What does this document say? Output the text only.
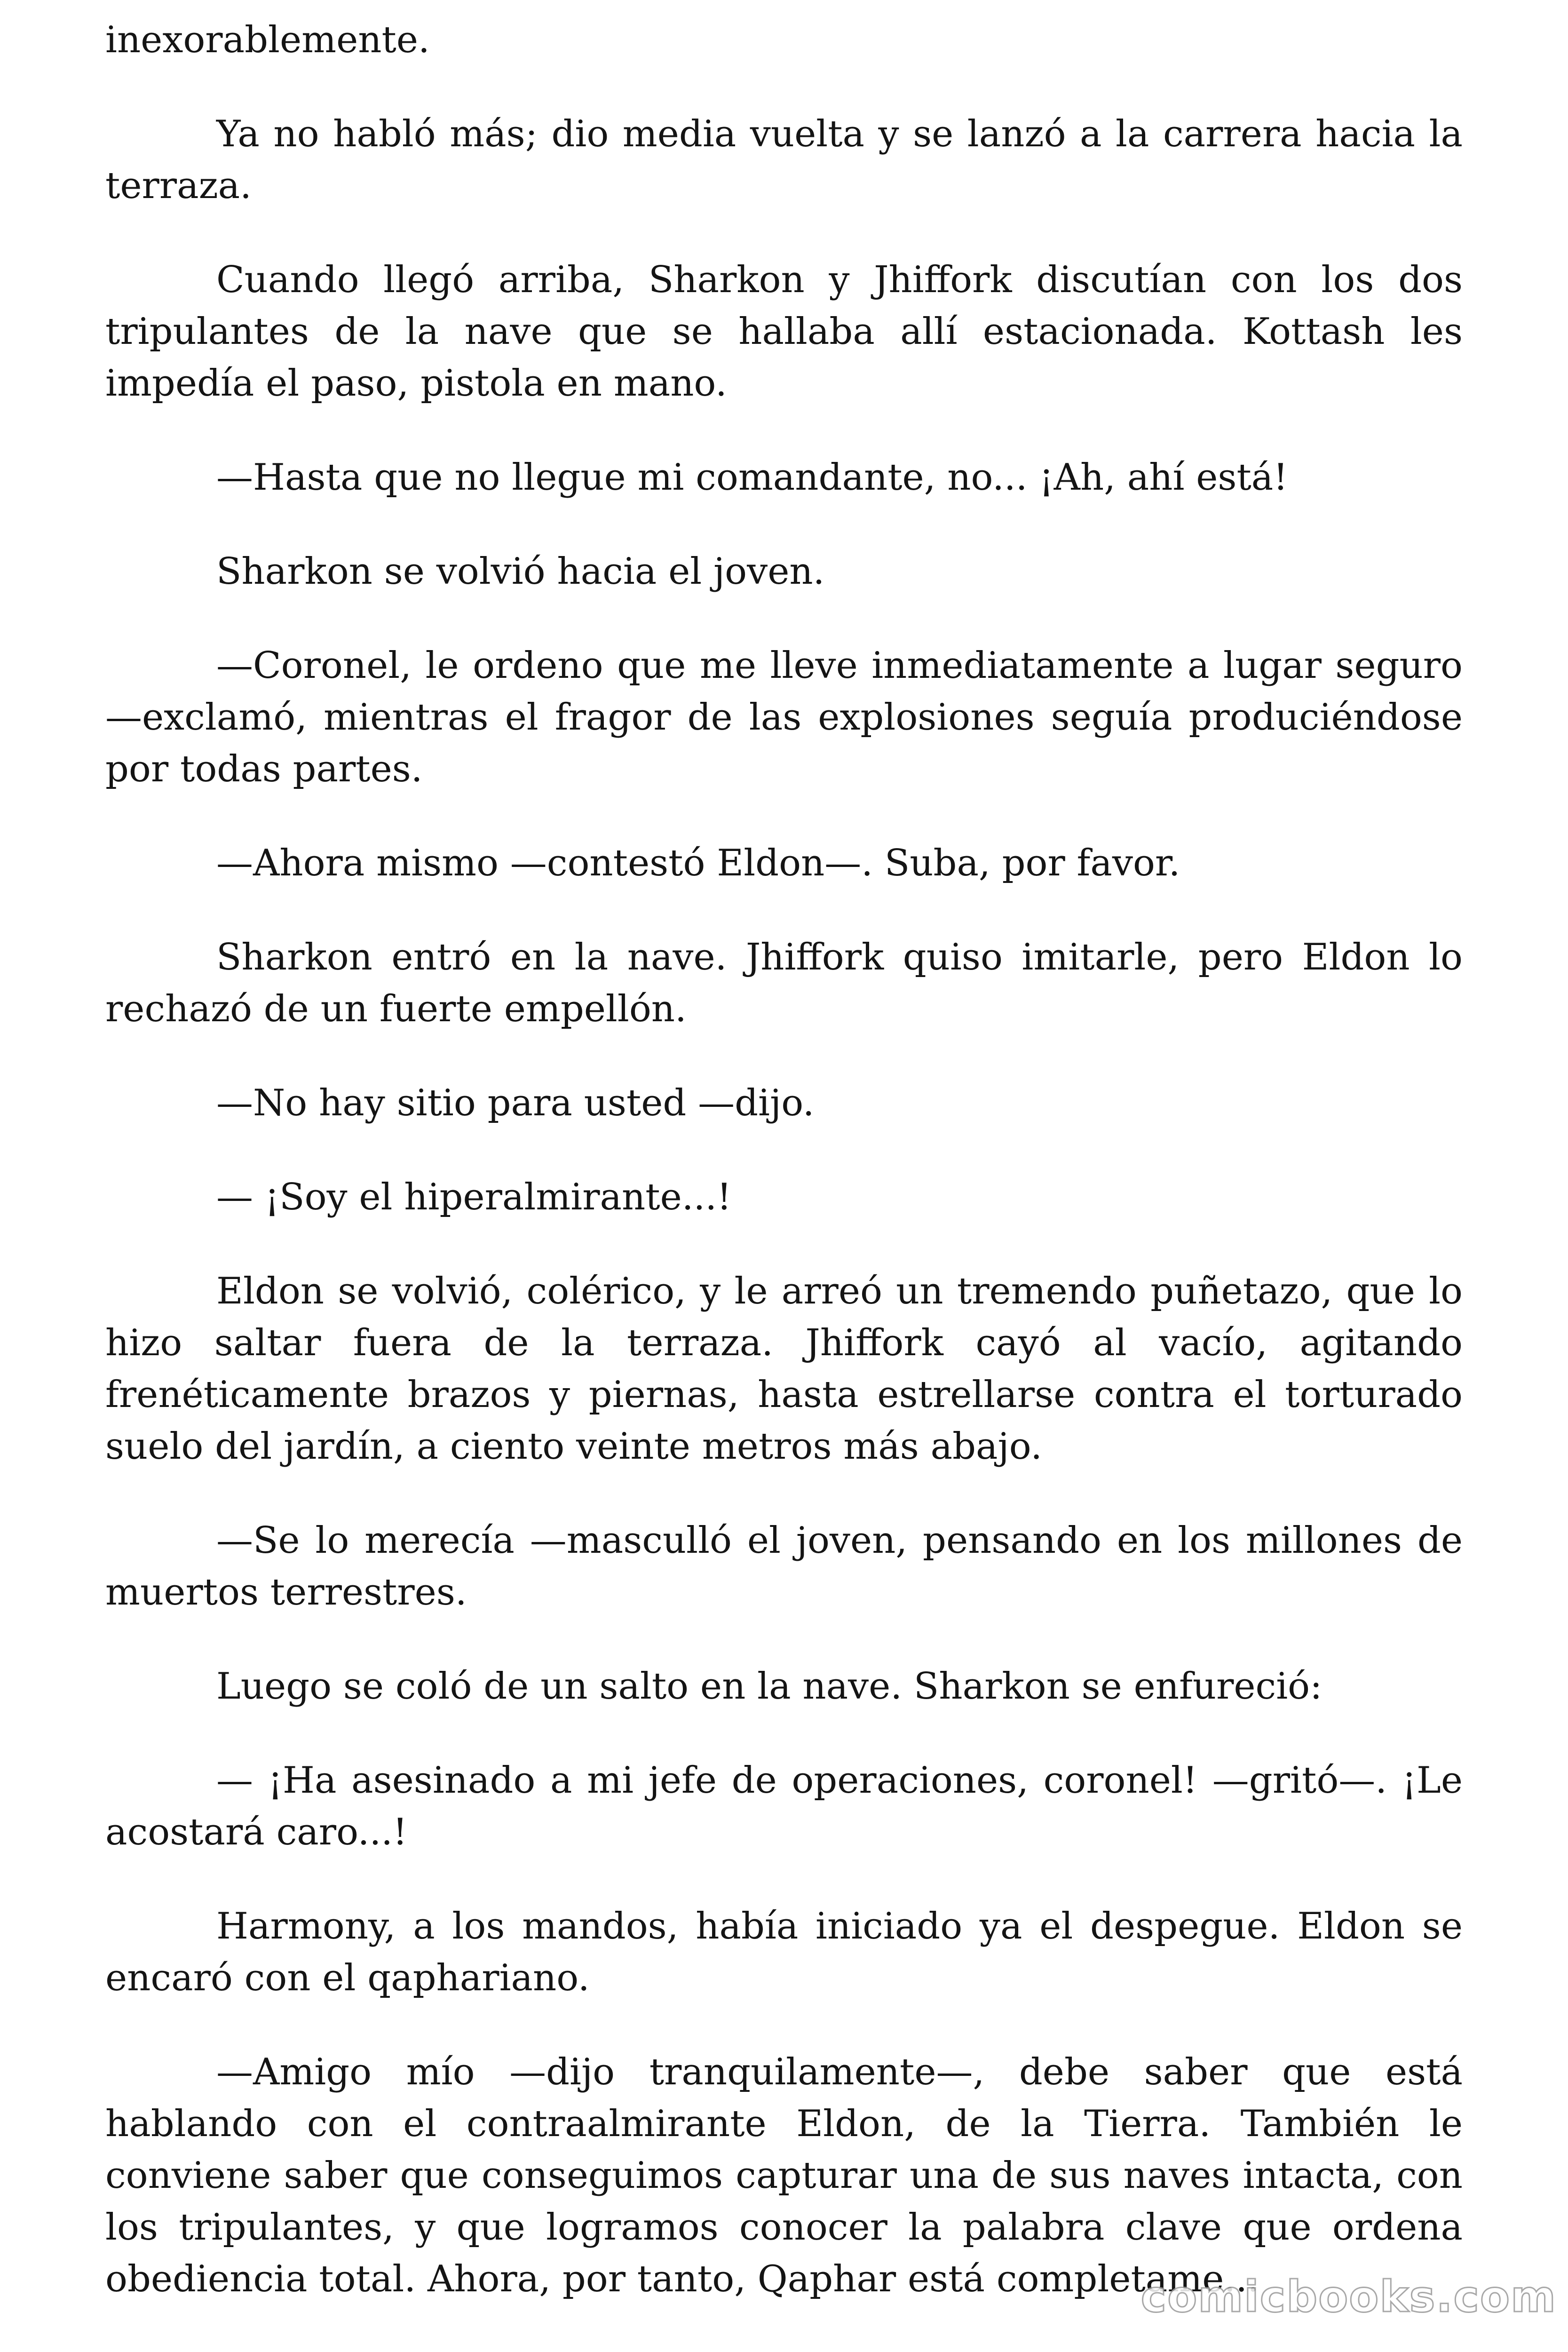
inexorablemente.

Ya no habló más; dio media vuelta y se lanzó a la carrera hacia la terraza.

Cuando llegó arriba, Sharkon y Jhiffork discutían con los dos tripulantes de la nave que se hallaba allí estacionada. Kottash les impedía el paso, pistola en mano.

—Hasta que no llegue mi comandante, no... ¡Ah, ahí está!

Sharkon se volvió hacia el joven.

—Coronel, le ordeno que me lleve inmediatamente a lugar seguro —exclamó, mientras el fragor de las explosiones seguía produciéndose por todas partes.

—Ahora mismo —contestó Eldon—. Suba, por favor.

Sharkon entró en la nave. Jhiffork quiso imitarle, pero Eldon lo rechazó de un fuerte empellón.

—No hay sitio para usted —dijo.

— ¡Soy el hiperalmirante...!

Eldon se volvió, colérico, y le arreó un tremendo puñetazo, que lo hizo saltar fuera de la terraza. Jhiffork cayó al vacío, agitando frenéticamente brazos y piernas, hasta estrellarse contra el torturado suelo del jardín, a ciento veinte metros más abajo.

—Se lo merecía —masculló el joven, pensando en los millones de muertos terrestres.

Luego se coló de un salto en la nave. Sharkon se enfureció:

— ¡Ha asesinado a mi jefe de operaciones, coronel! —gritó—. ¡Le acostará caro...!

Harmony, a los mandos, había iniciado ya el despegue. Eldon se encaró con el qaphariano.

—Amigo mío —dijo tranquilamente—, debe saber que está hablando con el contraalmirante Eldon, de la Tierra. También le conviene saber que conseguimos capturar una de sus naves intacta, con los tripulantes, y que logramos conocer la palabra clave que ordena obediencia total. Ahora, por tanto, Qaphar está completame...

comicbooks.com
